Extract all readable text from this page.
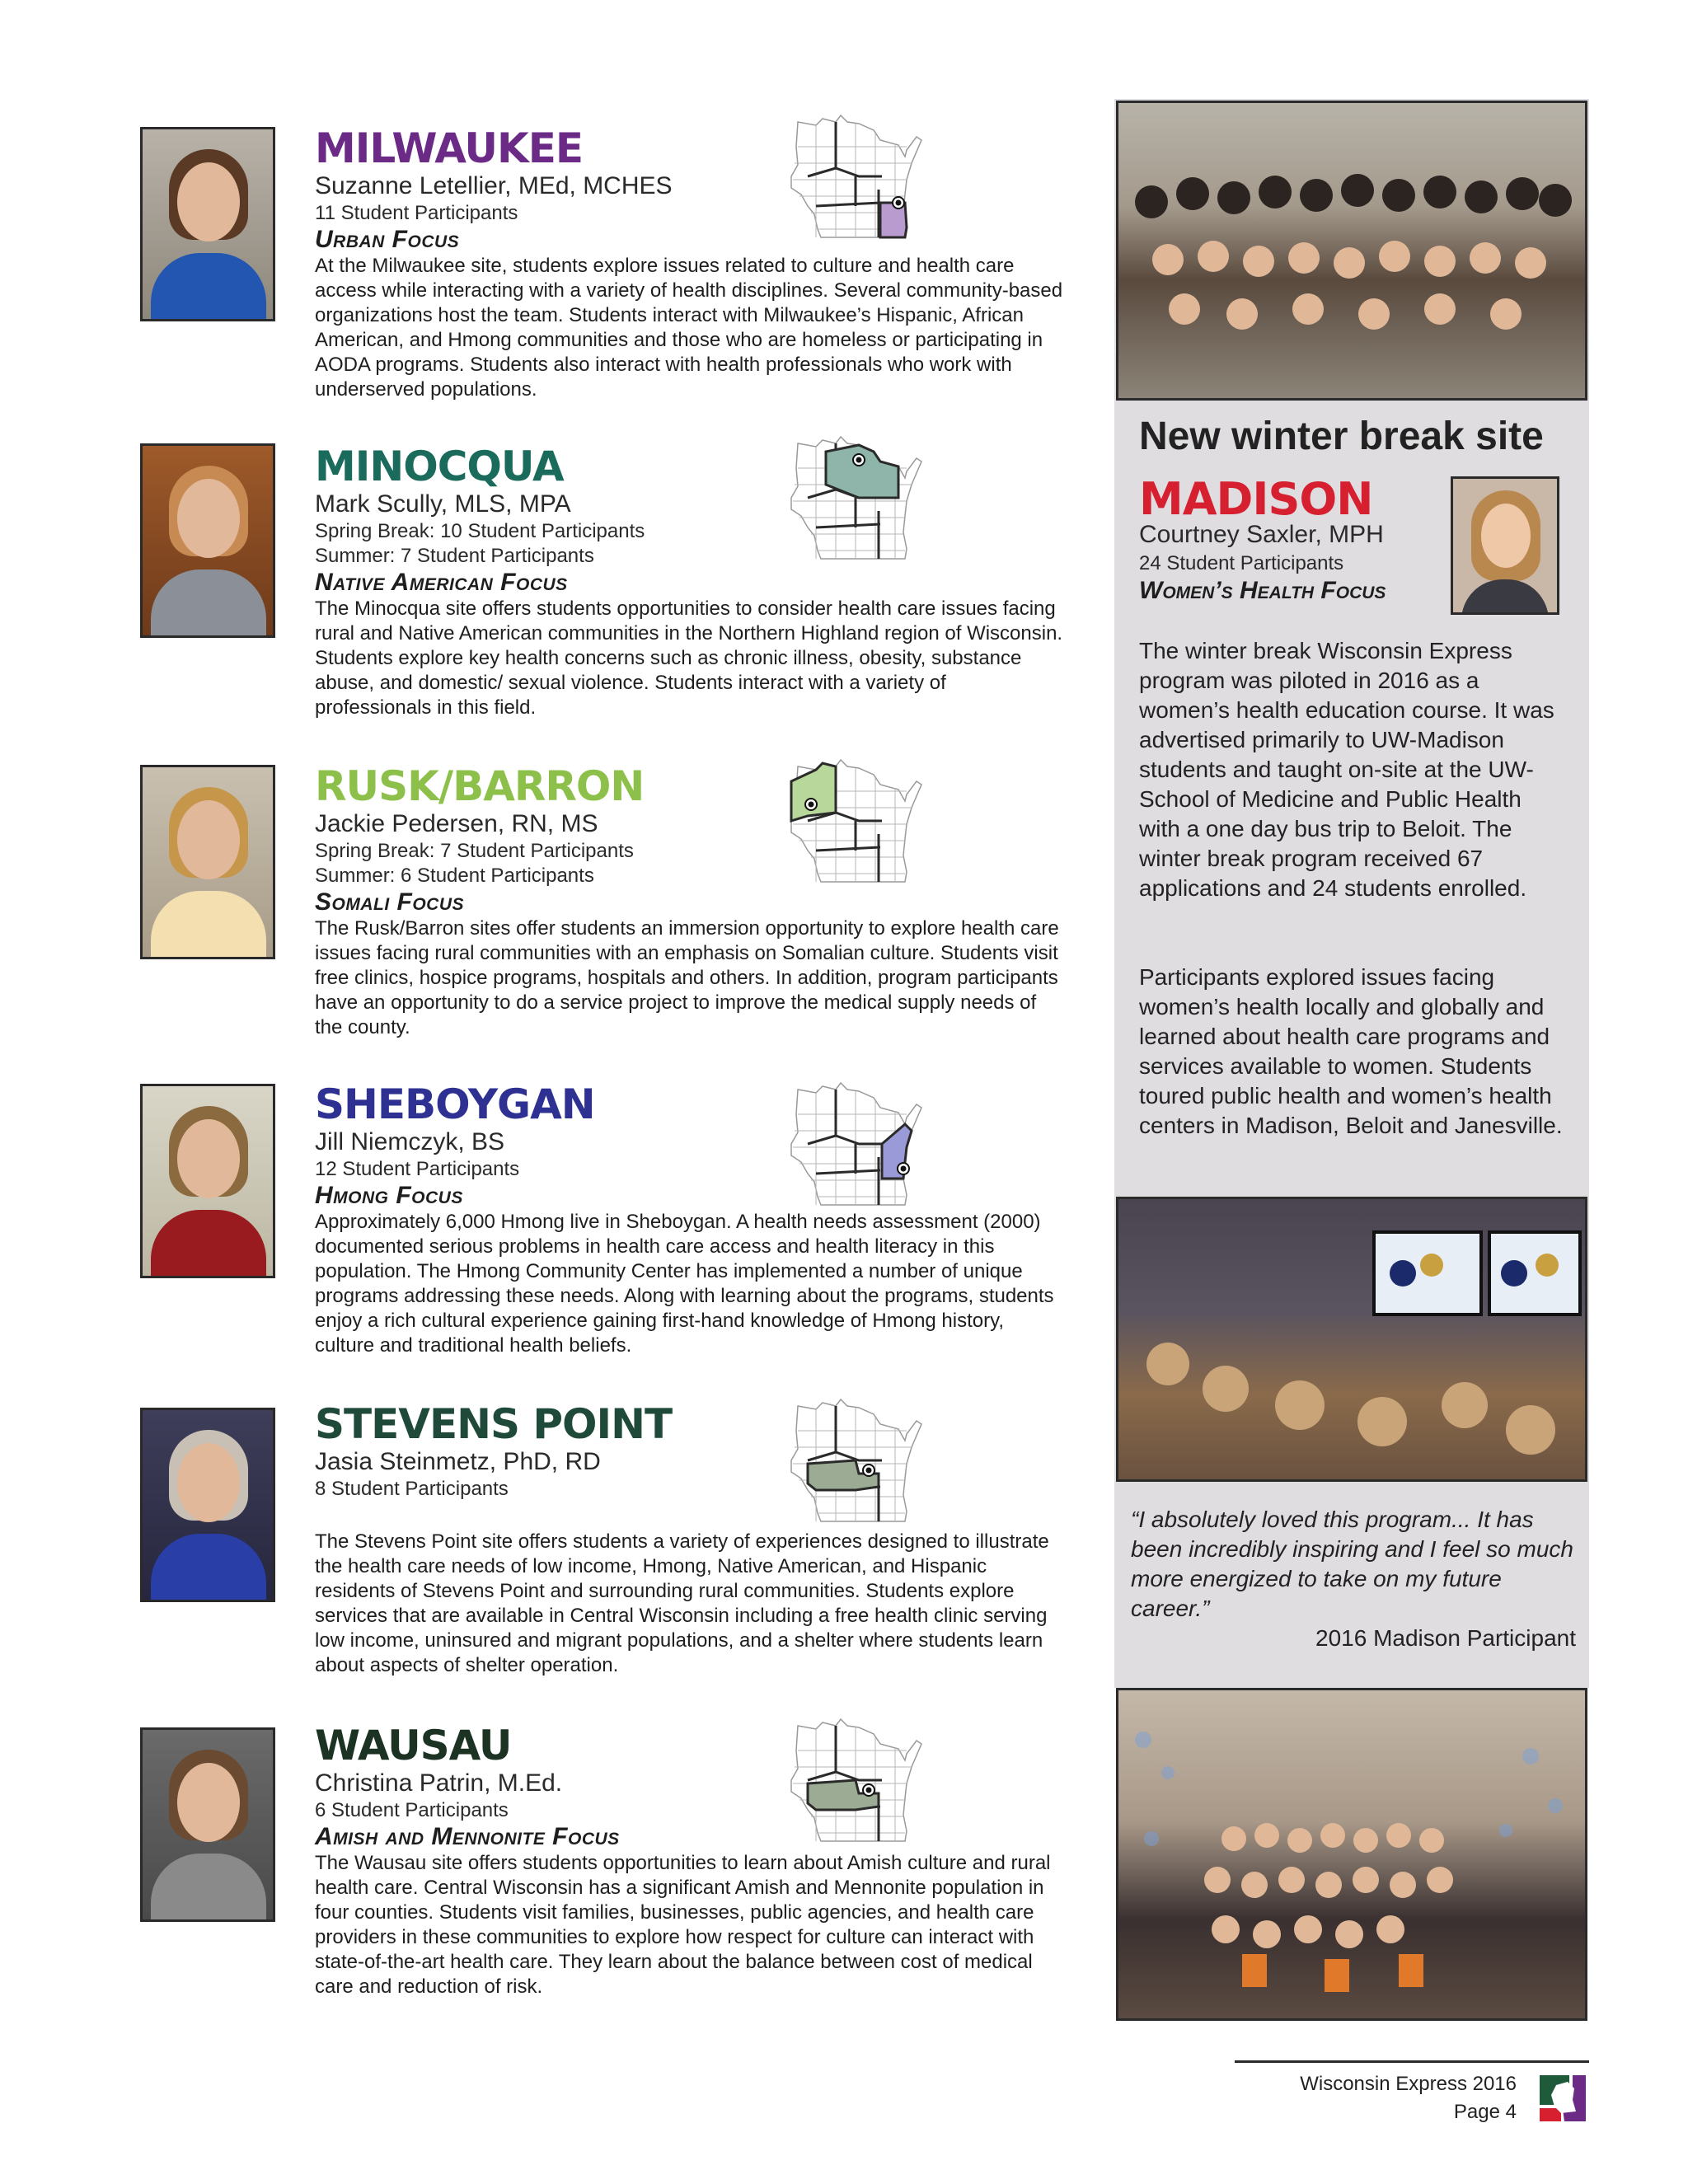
MILWAUKEE
Suzanne Letellier, MEd, MCHES
11 Student Participants
Urban Focus
At the Milwaukee site, students explore issues related to culture and health care access while interacting with a variety of health disciplines. Several community-based organizations host the team. Students interact with Milwaukee’s Hispanic, African American, and Hmong communities and those who are homeless or participating in AODA programs. Students also interact with health professionals who work with underserved populations.
MINOCQUA
Mark Scully, MLS, MPA
Spring Break: 10 Student Participants
Summer: 7 Student Participants
Native American Focus
The Minocqua site offers students opportunities to consider health care issues facing rural and Native American communities in the Northern Highland region of Wisconsin. Students explore key health concerns such as chronic illness, obesity, substance abuse, and domestic/ sexual violence. Students interact with a variety of professionals in this field.
RUSK/BARRON
Jackie Pedersen, RN, MS
Spring Break: 7 Student Participants
Summer: 6 Student Participants
Somali Focus
The Rusk/Barron sites offer students an immersion opportunity to explore health care issues facing rural communities with an emphasis on Somalian culture. Students visit free clinics, hospice programs, hospitals and others. In addition, program participants have an opportunity to do a service project to improve the medical supply needs of the county.
SHEBOYGAN
Jill Niemczyk, BS
12 Student Participants
Hmong Focus
Approximately 6,000 Hmong live in Sheboygan. A health needs assessment (2000) documented serious problems in health care access and health literacy in this population. The Hmong Community Center has implemented a number of unique programs addressing these needs. Along with learning about the programs, students enjoy a rich cultural experience gaining first-hand knowledge of Hmong history, culture and traditional health beliefs.
STEVENS POINT
Jasia Steinmetz, PhD, RD
8 Student Participants
The Stevens Point site offers students a variety of experiences designed to illustrate the health care needs of low income, Hmong, Native American, and Hispanic residents of Stevens Point and surrounding rural communities. Students explore services that are available in Central Wisconsin including a free health clinic serving low income, uninsured and migrant populations, and a shelter where students learn about aspects of shelter operation.
WAUSAU
Christina Patrin, M.Ed.
6 Student Participants
Amish and Mennonite Focus
The Wausau site offers students opportunities to learn about Amish culture and rural health care. Central Wisconsin has a significant Amish and Mennonite population in four counties. Students visit families, businesses, public agencies, and health care providers in these communities to explore how respect for culture can interact with state-of-the-art health care. They learn about the balance between cost of medical care and reduction of risk.
New winter break site
MADISON
Courtney Saxler, MPH
24 Student Participants
Women’s Health Focus

The winter break Wisconsin Express program was piloted in 2016 as a women’s health education course. It was advertised primarily to UW-Madison students and taught on-site at the UW-School of Medicine and Public Health with a one day bus trip to Beloit. The winter break program received 67 applications and 24 students enrolled.

Participants explored issues facing women’s health locally and globally and learned about health care programs and services available to women. Students toured public health and women’s health centers in Madison, Beloit and Janesville.

“I absolutely loved this program... It has been incredibly inspiring and I feel so much more energized to take on my future career.”
2016 Madison Participant
Wisconsin Express 2016
Page 4
